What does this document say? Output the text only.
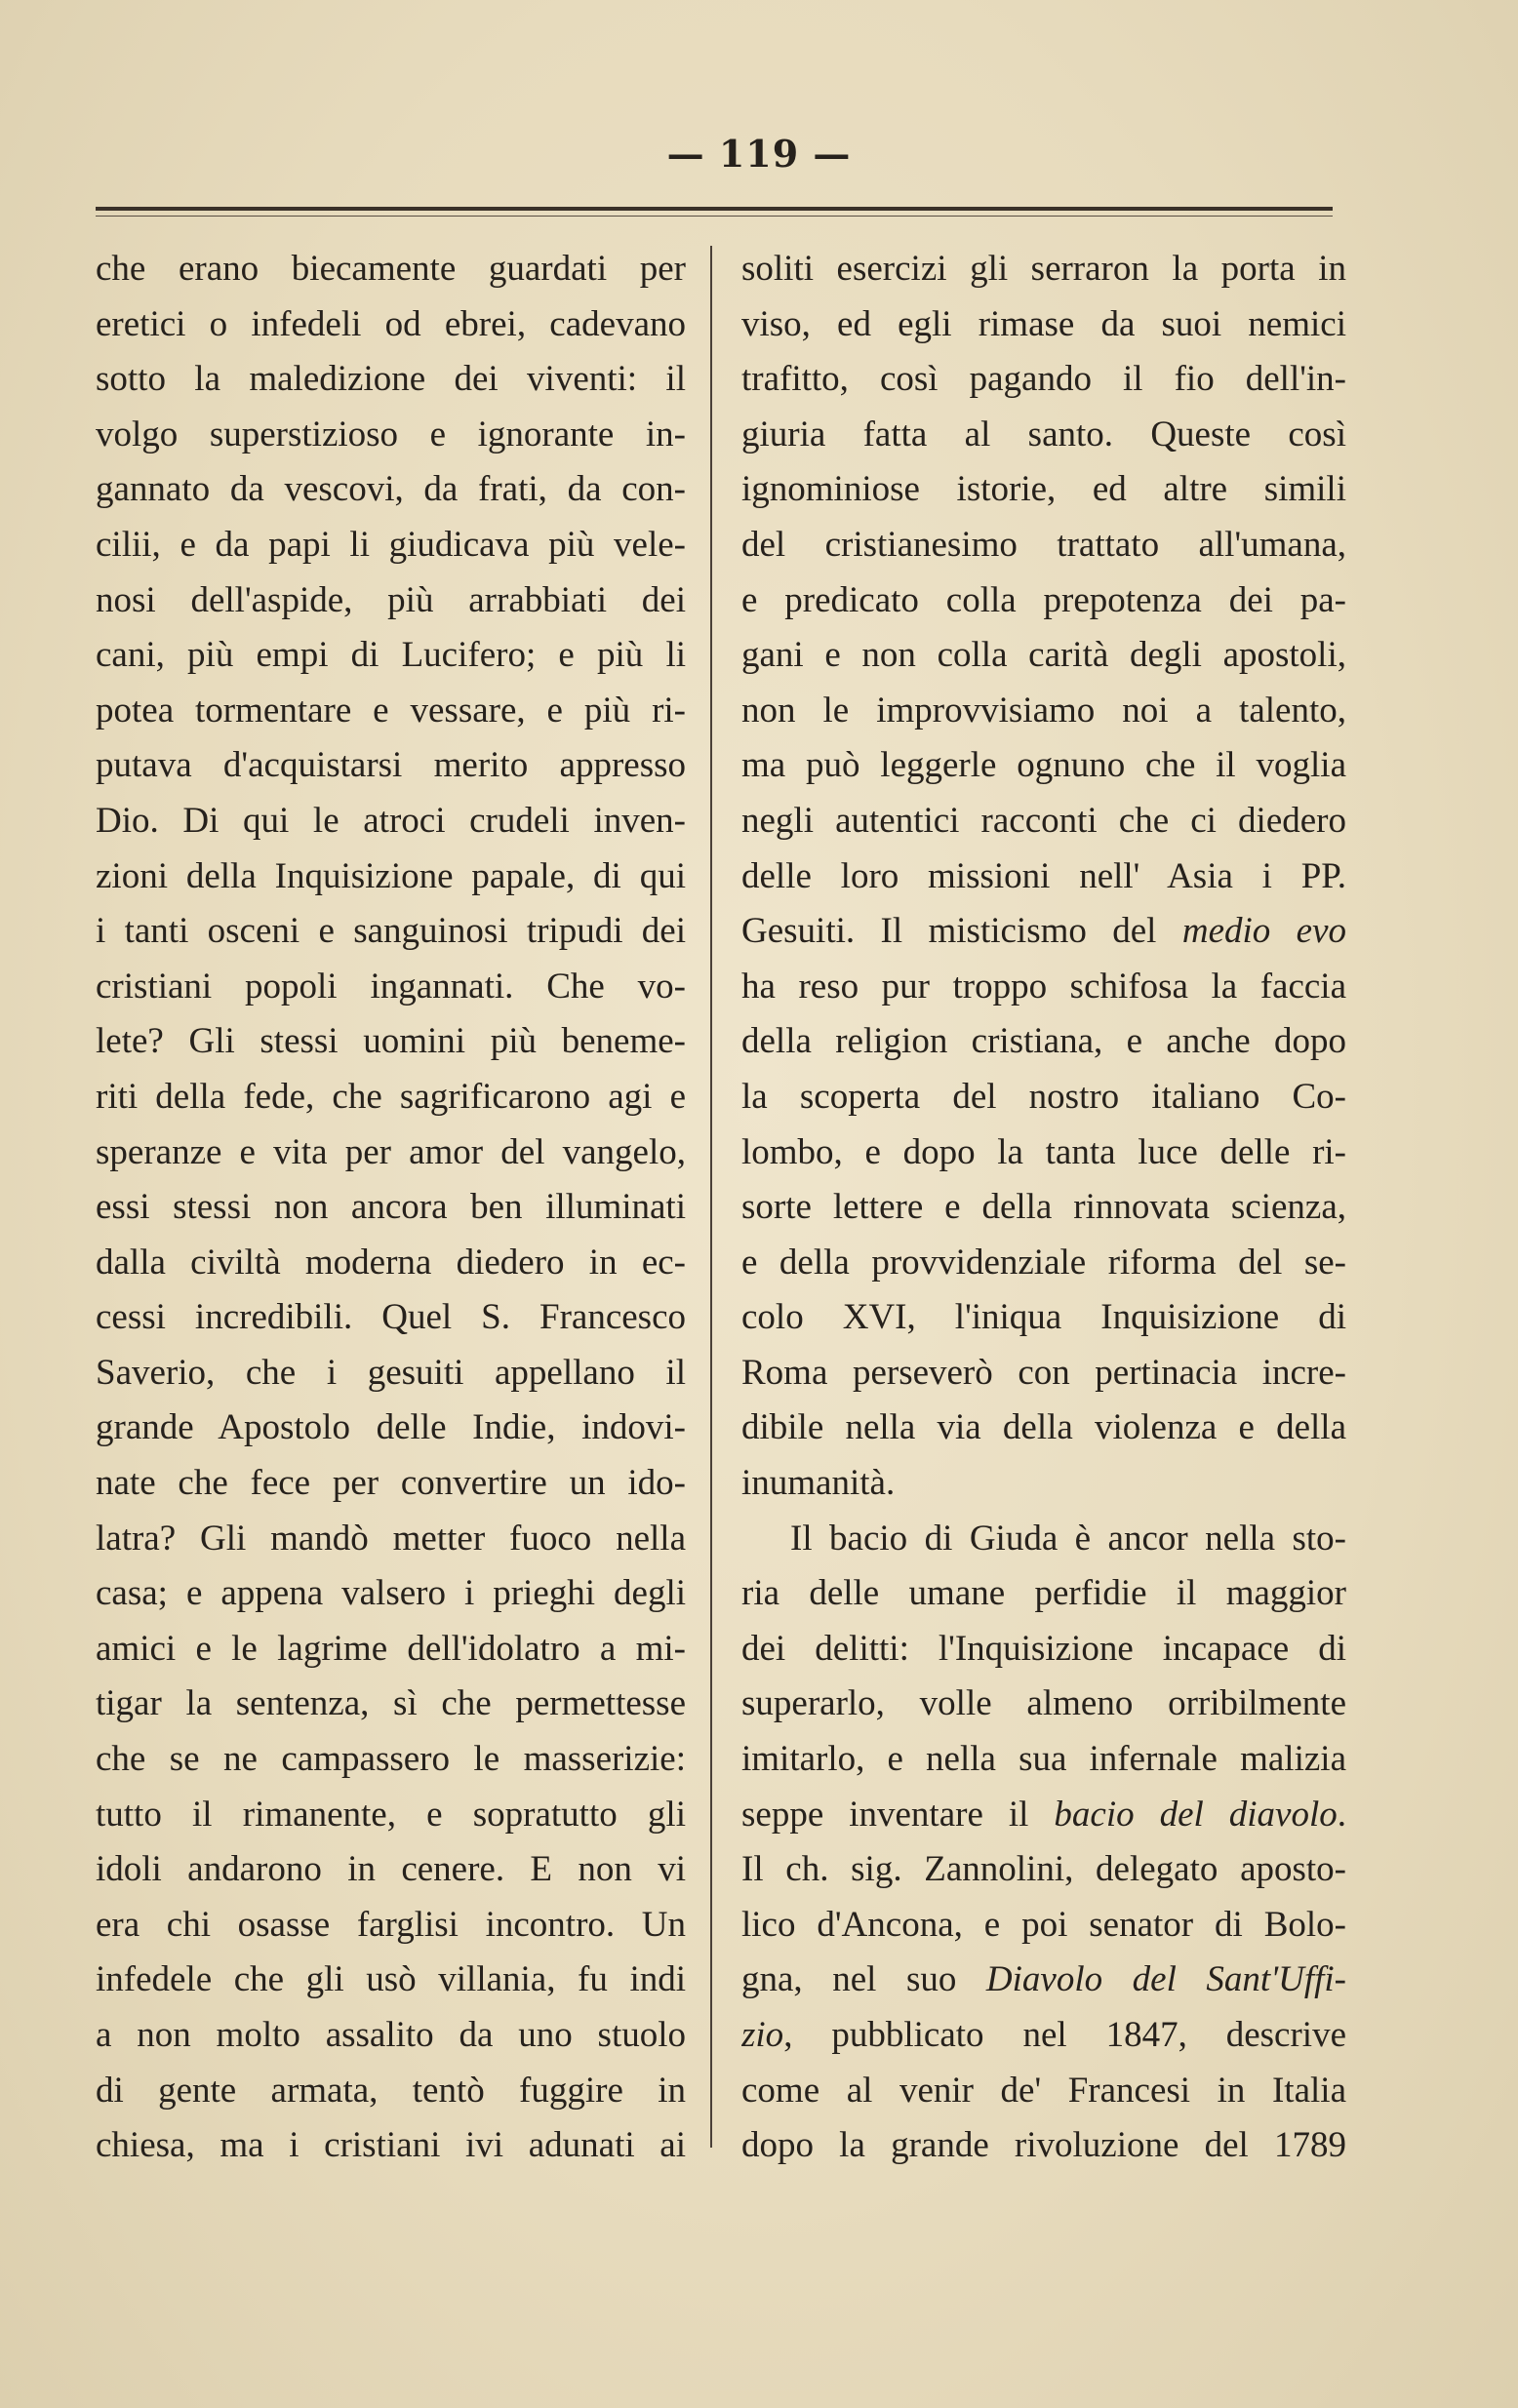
— 119 —
che erano biecamente guardati per
eretici o infedeli od ebrei, cadevano
sotto la maledizione dei viventi: il
volgo superstizioso e ignorante in-
gannato da vescovi, da frati, da con-
cilii, e da papi li giudicava più vele-
nosi dell'aspide, più arrabbiati dei
cani, più empi di Lucifero; e più li
potea tormentare e vessare, e più ri-
putava d'acquistarsi merito appresso
Dio. Di qui le atroci crudeli inven-
zioni della Inquisizione papale, di qui
i tanti osceni e sanguinosi tripudi dei
cristiani popoli ingannati. Che vo-
lete? Gli stessi uomini più beneme-
riti della fede, che sagrificarono agi e
speranze e vita per amor del vangelo,
essi stessi non ancora ben illuminati
dalla civiltà moderna diedero in ec-
cessi incredibili. Quel S. Francesco
Saverio, che i gesuiti appellano il
grande Apostolo delle Indie, indovi-
nate che fece per convertire un ido-
latra? Gli mandò metter fuoco nella
casa; e appena valsero i prieghi degli
amici e le lagrime dell'idolatro a mi-
tigar la sentenza, sì che permettesse
che se ne campassero le masserizie:
tutto il rimanente, e sopratutto gli
idoli andarono in cenere. E non vi
era chi osasse farglisi incontro. Un
infedele che gli usò villania, fu indi
a non molto assalito da uno stuolo
di gente armata, tentò fuggire in
chiesa, ma i cristiani ivi adunati ai
soliti esercizi gli serraron la porta in
viso, ed egli rimase da suoi nemici
trafitto, così pagando il fio dell'in-
giuria fatta al santo. Queste così
ignominiose istorie, ed altre simili
del cristianesimo trattato all'umana,
e predicato colla prepotenza dei pa-
gani e non colla carità degli apostoli,
non le improvvisiamo noi a talento,
ma può leggerle ognuno che il voglia
negli autentici racconti che ci diedero
delle loro missioni nell' Asia i PP.
Gesuiti. Il misticismo del medio evo
ha reso pur troppo schifosa la faccia
della religion cristiana, e anche dopo
la scoperta del nostro italiano Co-
lombo, e dopo la tanta luce delle ri-
sorte lettere e della rinnovata scienza,
e della provvidenziale riforma del se-
colo XVI, l'iniqua Inquisizione di
Roma perseverò con pertinacia incre-
dibile nella via della violenza e della
inumanità.
Il bacio di Giuda è ancor nella sto-
ria delle umane perfidie il maggior
dei delitti: l'Inquisizione incapace di
superarlo, volle almeno orribilmente
imitarlo, e nella sua infernale malizia
seppe inventare il bacio del diavolo.
Il ch. sig. Zannolini, delegato aposto-
lico d'Ancona, e poi senator di Bolo-
gna, nel suo Diavolo del Sant'Uffi-
zio, pubblicato nel 1847, descrive
come al venir de' Francesi in Italia
dopo la grande rivoluzione del 1789
